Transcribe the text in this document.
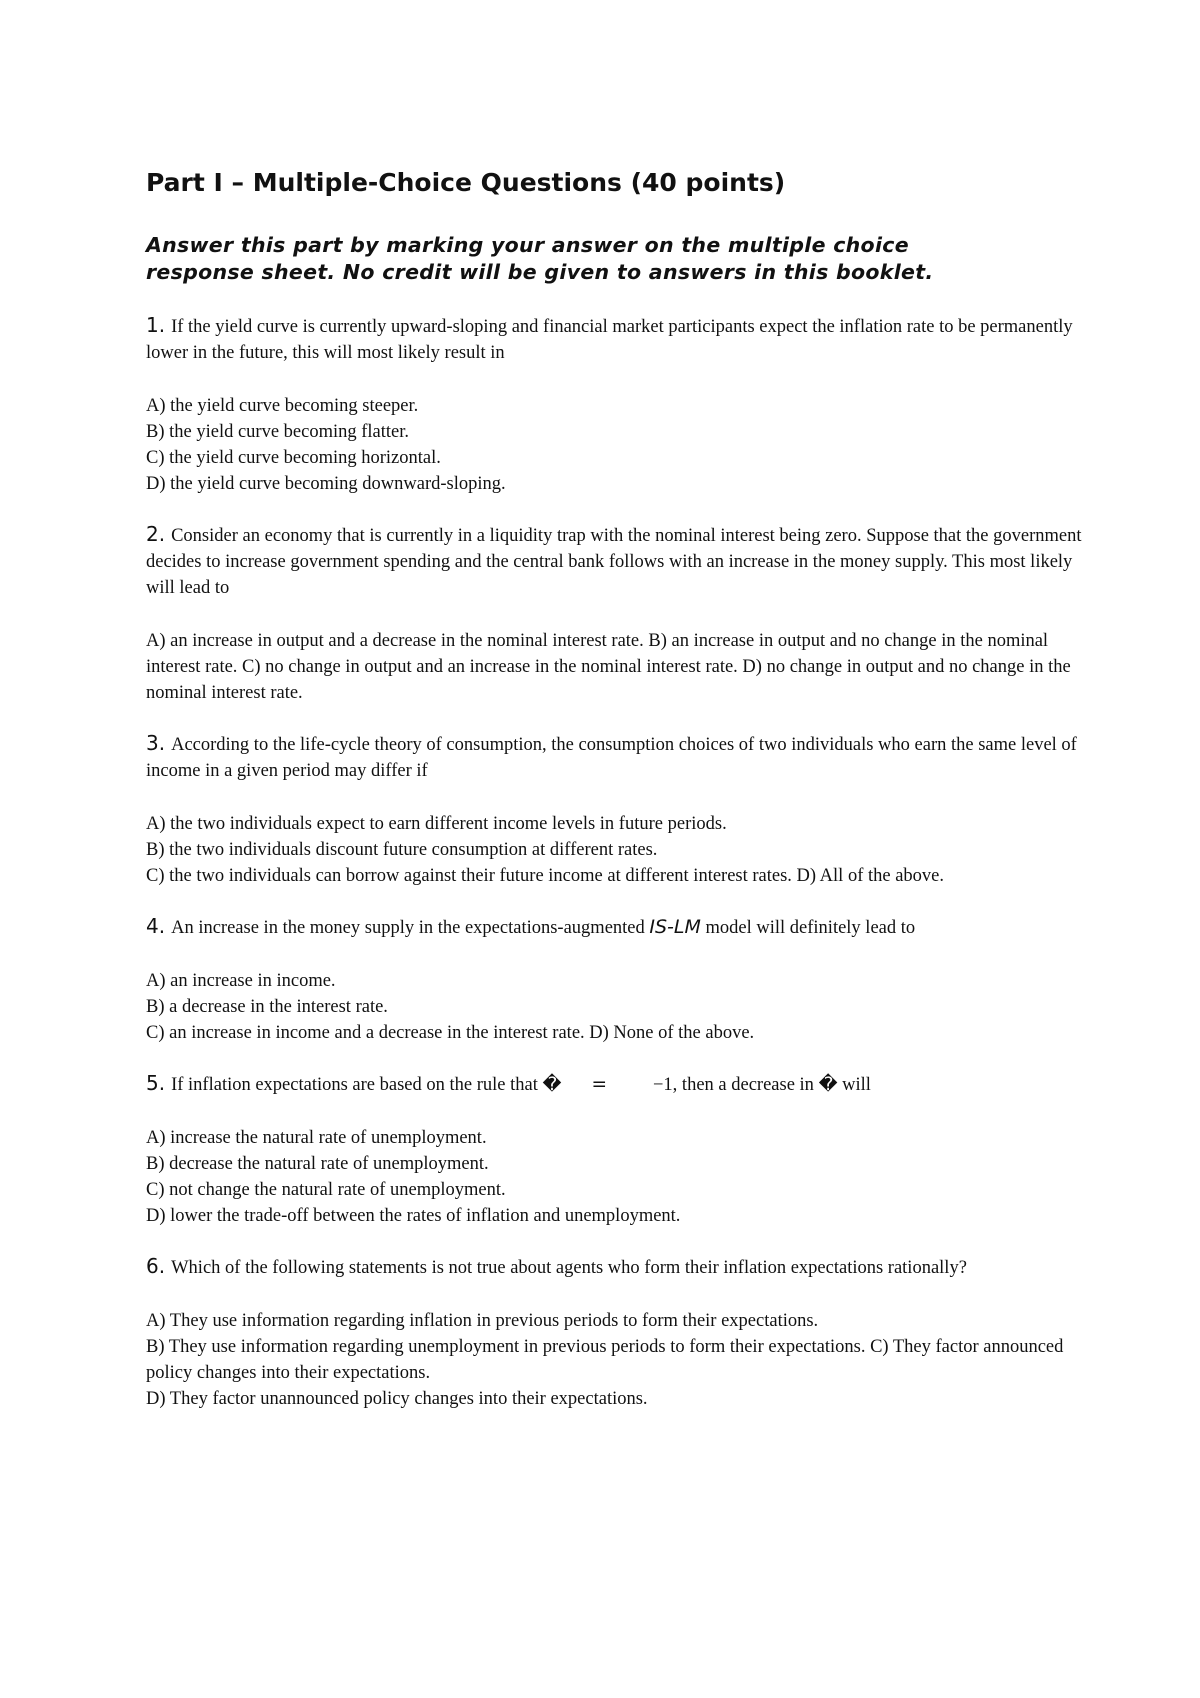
Part I – Multiple-Choice Questions (40 points)

Answer this part by marking your answer on the multiple choice
response sheet. No credit will be given to answers in this booklet.

1. If the yield curve is currently upward-sloping and financial market participants expect the inflation rate to be permanently lower in the future, this will most likely result in

A) the yield curve becoming steeper.
B) the yield curve becoming flatter.
C) the yield curve becoming horizontal.
D) the yield curve becoming downward-sloping.

2. Consider an economy that is currently in a liquidity trap with the nominal interest being zero. Suppose that the government decides to increase government spending and the central bank follows with an increase in the money supply. This most likely will lead to

A) an increase in output and a decrease in the nominal interest rate. B) an increase in output and no change in the nominal interest rate. C) no change in output and an increase in the nominal interest rate. D) no change in output and no change in the nominal interest rate.

3. According to the life-cycle theory of consumption, the consumption choices of two individuals who earn the same level of income in a given period may differ if

A) the two individuals expect to earn different income levels in future periods.
B) the two individuals discount future consumption at different rates.
C) the two individuals can borrow against their future income at different interest rates. D) All of the above.

4. An increase in the money supply in the expectations-augmented IS-LM model will definitely lead to

A) an increase in income.
B) a decrease in the interest rate.
C) an increase in income and a decrease in the interest rate. D) None of the above.

5. If inflation expectations are based on the rule that � = −1, then a decrease in � will

A) increase the natural rate of unemployment.
B) decrease the natural rate of unemployment.
C) not change the natural rate of unemployment.
D) lower the trade-off between the rates of inflation and unemployment.

6. Which of the following statements is not true about agents who form their inflation expectations rationally?

A) They use information regarding inflation in previous periods to form their expectations.
B) They use information regarding unemployment in previous periods to form their expectations. C) They factor announced policy changes into their expectations.
D) They factor unannounced policy changes into their expectations.
